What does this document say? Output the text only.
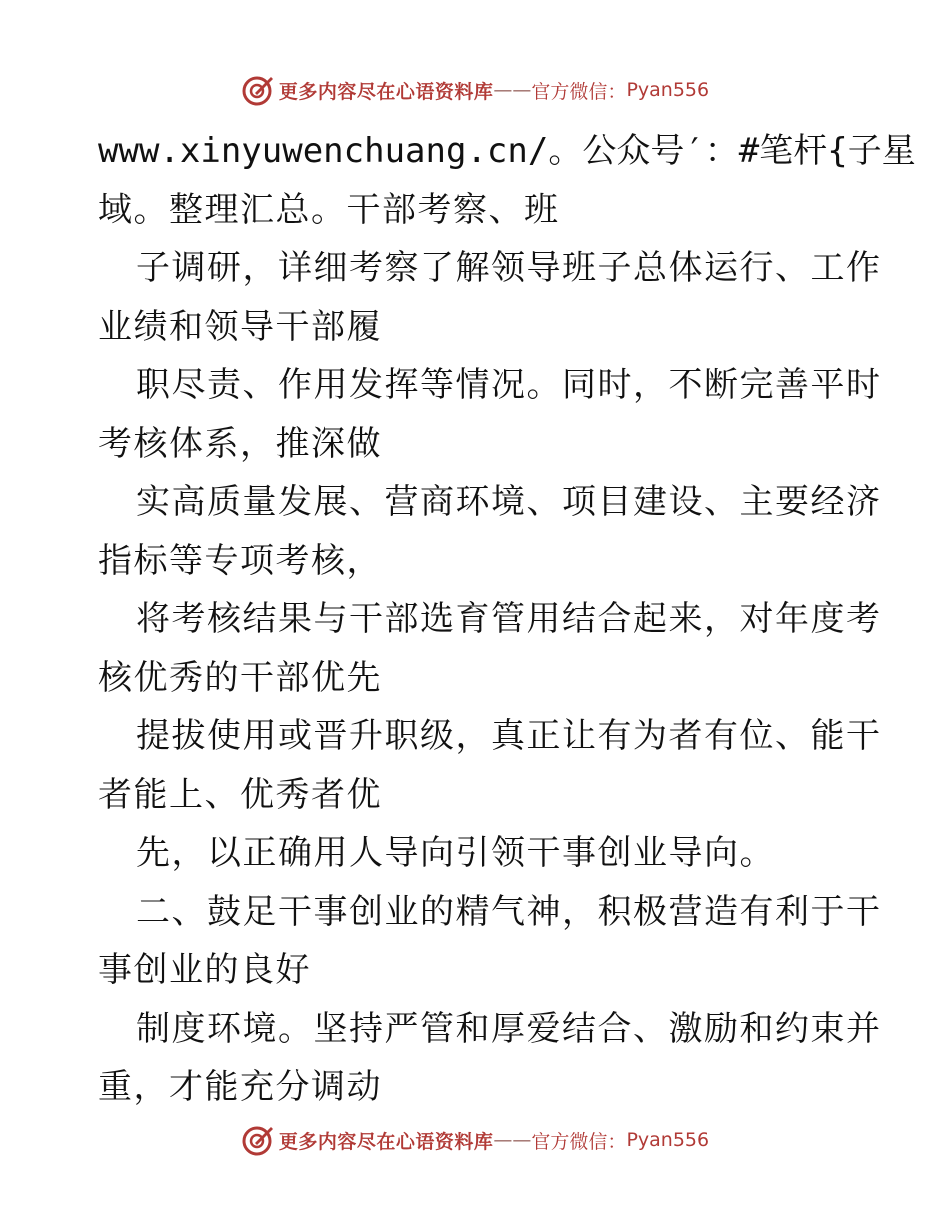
更多内容尽在心语资料库 —— 官方微信： Pyan556
www.xinyuwenchuang.cn/。公众号′：#笔杆{子星
域。整理汇总。干部考察、班
子调研，详细考察了解领导班子总体运行、工作
业绩和领导干部履
职尽责、作用发挥等情况。同时，不断完善平时
考核体系，推深做
实高质量发展、营商环境、项目建设、主要经济
指标等专项考核，
将考核结果与干部选育管用结合起来，对年度考
核优秀的干部优先
提拔使用或晋升职级，真正让有为者有位、能干
者能上、优秀者优
先，以正确用人导向引领干事创业导向。
二、鼓足干事创业的精气神，积极营造有利于干
事创业的良好
制度环境。坚持严管和厚爱结合、激励和约束并
重，才能充分调动
更多内容尽在心语资料库 —— 官方微信： Pyan556
